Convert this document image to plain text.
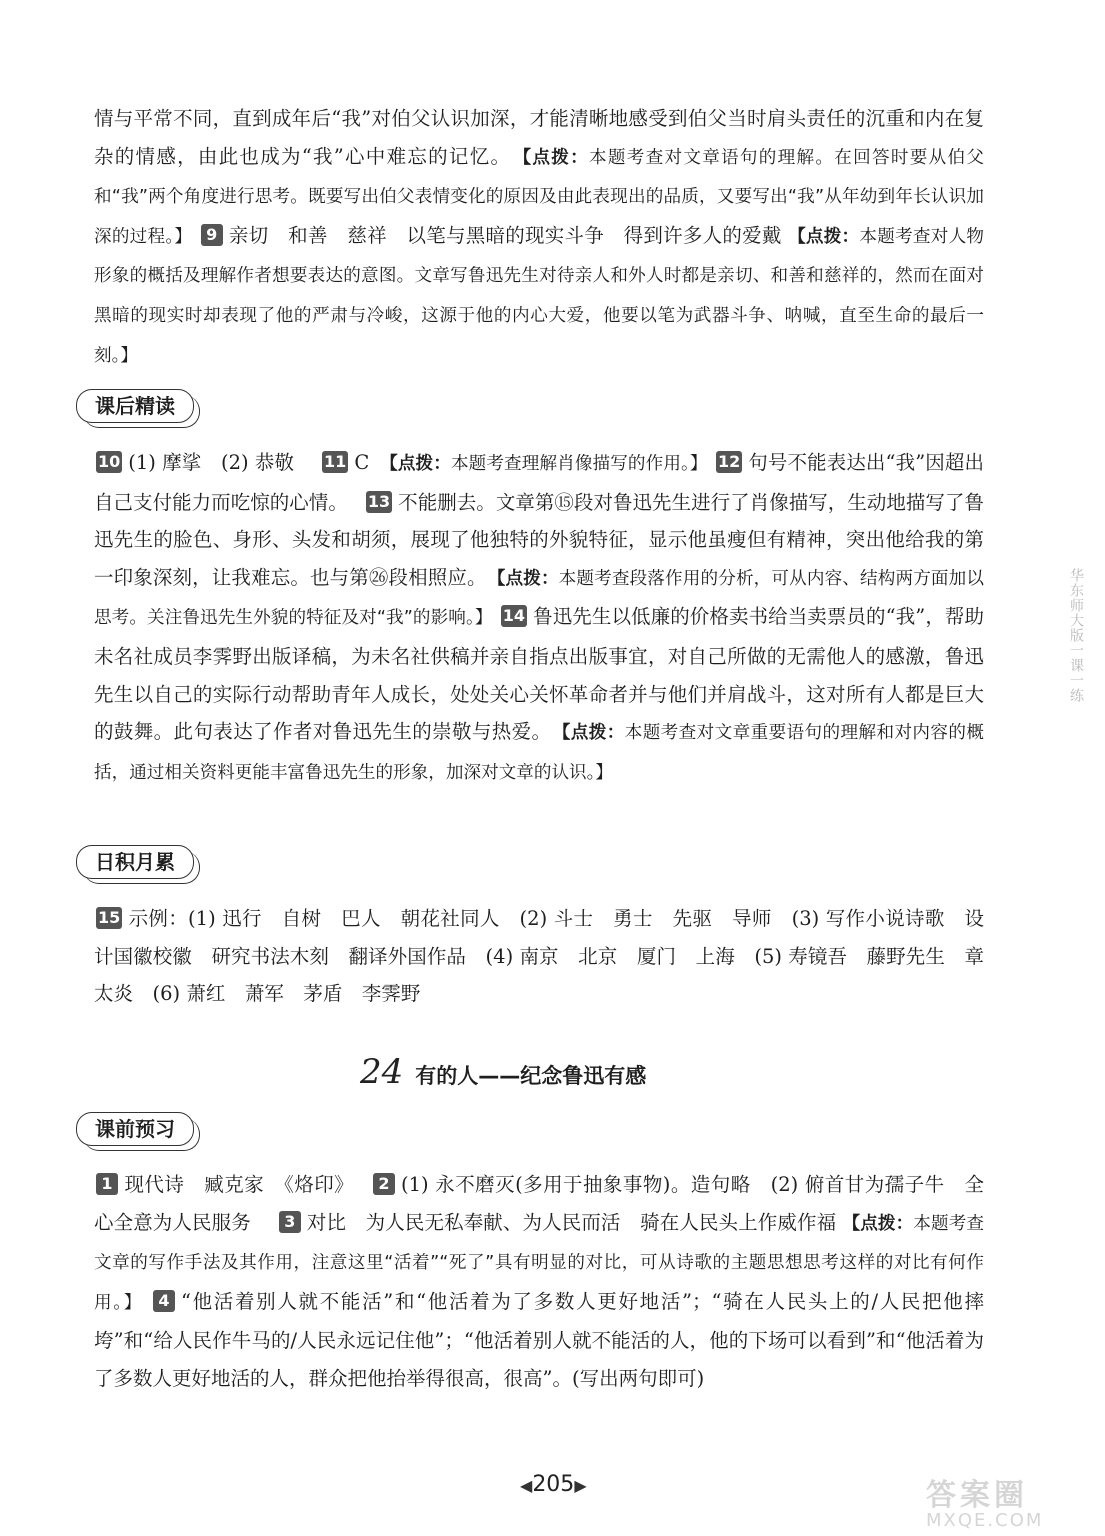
情与平常不同，直到成年后“我”对伯父认识加深，才能清晰地感受到伯父当时肩头责任的沉重和内在复杂的情感，由此也成为“我”心中难忘的记忆。　 【点拨：本题考查对文章语句的理解。在回答时要从伯父和“我”两个角度进行思考。既要写出伯父表情变化的原因及由此表现出的品质，又要写出“我”从年幼到年长认识加深的过程。】 9 亲切　和善　慈祥　以笔与黑暗的现实斗争　得到许多人的爱戴 【点拨：本题考查对人物形象的概括及理解作者想要表达的意图。文章写鲁迅先生对待亲人和外人时都是亲切、和善和慈祥的，然而在面对黑暗的现实时却表现了他的严肃与冷峻，这源于他的内心大爱，他要以笔为武器斗争、呐喊，直至生命的最后一刻。】
课后精读
10 (1) 摩挲　(2) 恭敬　 11 C　 【点拨：本题考查理解肖像描写的作用。】 12 句号不能表达出“我”因超出自己支付能力而吃惊的心情。　 13 不能删去。文章第⑮段对鲁迅先生进行了肖像描写，生动地描写了鲁迅先生的脸色、身形、头发和胡须，展现了他独特的外貌特征，显示他虽瘦但有精神，突出他给我的第一印象深刻，让我难忘。也与第㉖段相照应。　 【点拨：本题考查段落作用的分析，可从内容、结构两方面加以思考。关注鲁迅先生外貌的特征及对“我”的影响。】 14 鲁迅先生以低廉的价格卖书给当卖票员的“我”，帮助未名社成员李霁野出版译稿，为未名社供稿并亲自指点出版事宜，对自己所做的无需他人的感激，鲁迅先生以自己的实际行动帮助青年人成长，处处关心关怀革命者并与他们并肩战斗，这对所有人都是巨大的鼓舞。此句表达了作者对鲁迅先生的崇敬与热爱。　 【点拨：本题考查对文章重要语句的理解和对内容的概括，通过相关资料更能丰富鲁迅先生的形象，加深对文章的认识。】
日积月累
15 示例：(1) 迅行　自树　巴人　朝花社同人　(2) 斗士　勇士　先驱　导师　(3) 写作小说诗歌　设计国徽校徽　研究书法木刻　翻译外国作品　(4) 南京　北京　厦门　上海　(5) 寿镜吾　藤野先生　章太炎　(6) 萧红　萧军　茅盾　李霁野
24 有的人——纪念鲁迅有感
课前预习
1 现代诗　臧克家　《烙印》　 2 (1) 永不磨灭(多用于抽象事物)。造句略　(2) 俯首甘为孺子牛　全心全意为人民服务　 3 对比　为人民无私奉献、为人民而活　骑在人民头上作威作福 【点拨：本题考查文章的写作手法及其作用，注意这里“活着”“死了”具有明显的对比，可从诗歌的主题思想思考这样的对比有何作用。】 4 “他活着别人就不能活”和“他活着为了多数人更好地活”；“骑在人民头上的/人民把他摔垮”和“给人民作牛马的/人民永远记住他”；“他活着别人就不能活的人，他的下场可以看到”和“他活着为了多数人更好地活的人，群众把他抬举得很高，很高”。(写出两句即可)
华东师大版一课一练
◀205▶	答案圈
MXQE.COM
